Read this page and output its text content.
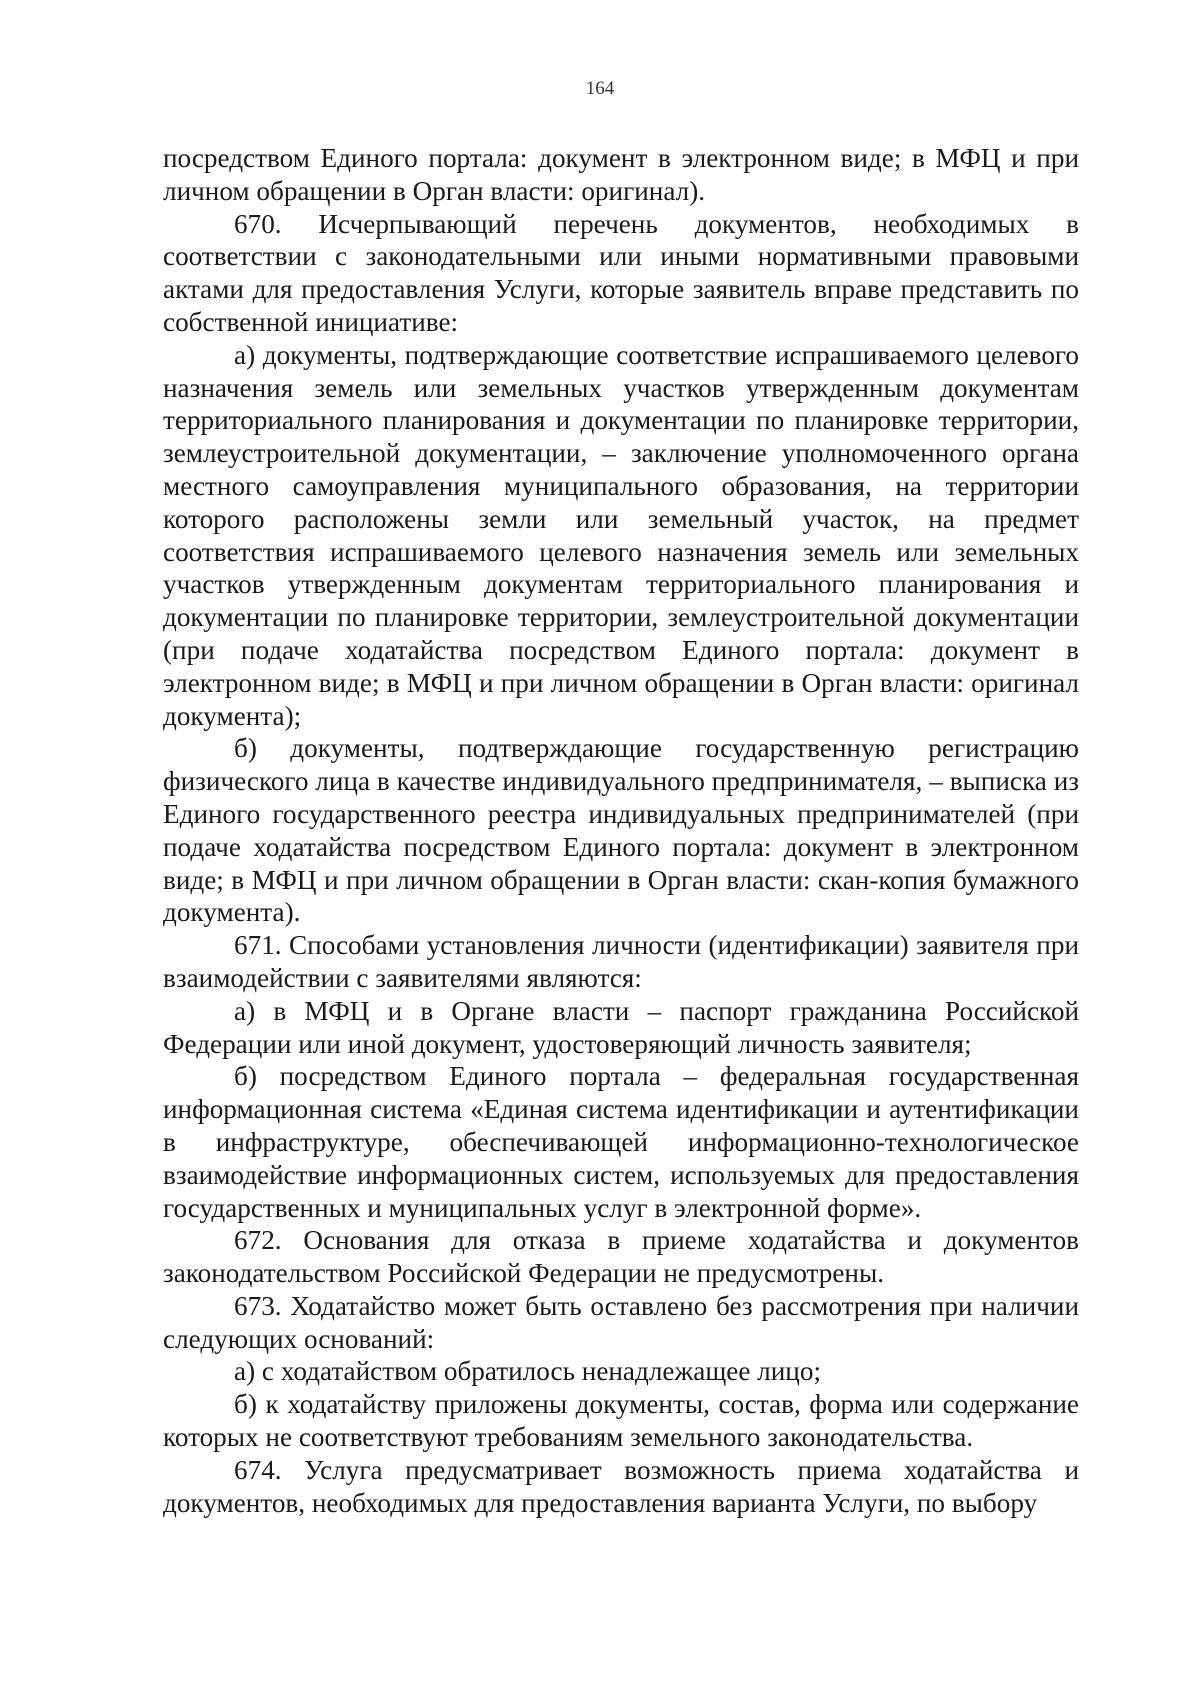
164

посредством Единого портала: документ в электронном виде; в МФЦ и при личном обращении в Орган власти: оригинал).

670. Исчерпывающий перечень документов, необходимых в соответствии с законодательными или иными нормативными правовыми актами для предоставления Услуги, которые заявитель вправе представить по собственной инициативе:

а) документы, подтверждающие соответствие испрашиваемого целевого назначения земель или земельных участков утвержденным документам территориального планирования и документации по планировке территории, землеустроительной документации, – заключение уполномоченного органа местного самоуправления муниципального образования, на территории которого расположены земли или земельный участок, на предмет соответствия испрашиваемого целевого назначения земель или земельных участков утвержденным документам территориального планирования и документации по планировке территории, землеустроительной документации (при подаче ходатайства посредством Единого портала: документ в электронном виде; в МФЦ и при личном обращении в Орган власти: оригинал документа);

б) документы, подтверждающие государственную регистрацию физического лица в качестве индивидуального предпринимателя, – выписка из Единого государственного реестра индивидуальных предпринимателей (при подаче ходатайства посредством Единого портала: документ в электронном виде; в МФЦ и при личном обращении в Орган власти: скан-копия бумажного документа).

671. Способами установления личности (идентификации) заявителя при взаимодействии с заявителями являются:

а) в МФЦ и в Органе власти – паспорт гражданина Российской Федерации или иной документ, удостоверяющий личность заявителя;

б) посредством Единого портала – федеральная государственная информационная система «Единая система идентификации и аутентификации в инфраструктуре, обеспечивающей информационно-технологическое взаимодействие информационных систем, используемых для предоставления государственных и муниципальных услуг в электронной форме».

672. Основания для отказа в приеме ходатайства и документов законодательством Российской Федерации не предусмотрены.

673. Ходатайство может быть оставлено без рассмотрения при наличии следующих оснований:

а) с ходатайством обратилось ненадлежащее лицо;

б) к ходатайству приложены документы, состав, форма или содержание которых не соответствуют требованиям земельного законодательства.

674. Услуга предусматривает возможность приема ходатайства и документов, необходимых для предоставления варианта Услуги, по выбору
